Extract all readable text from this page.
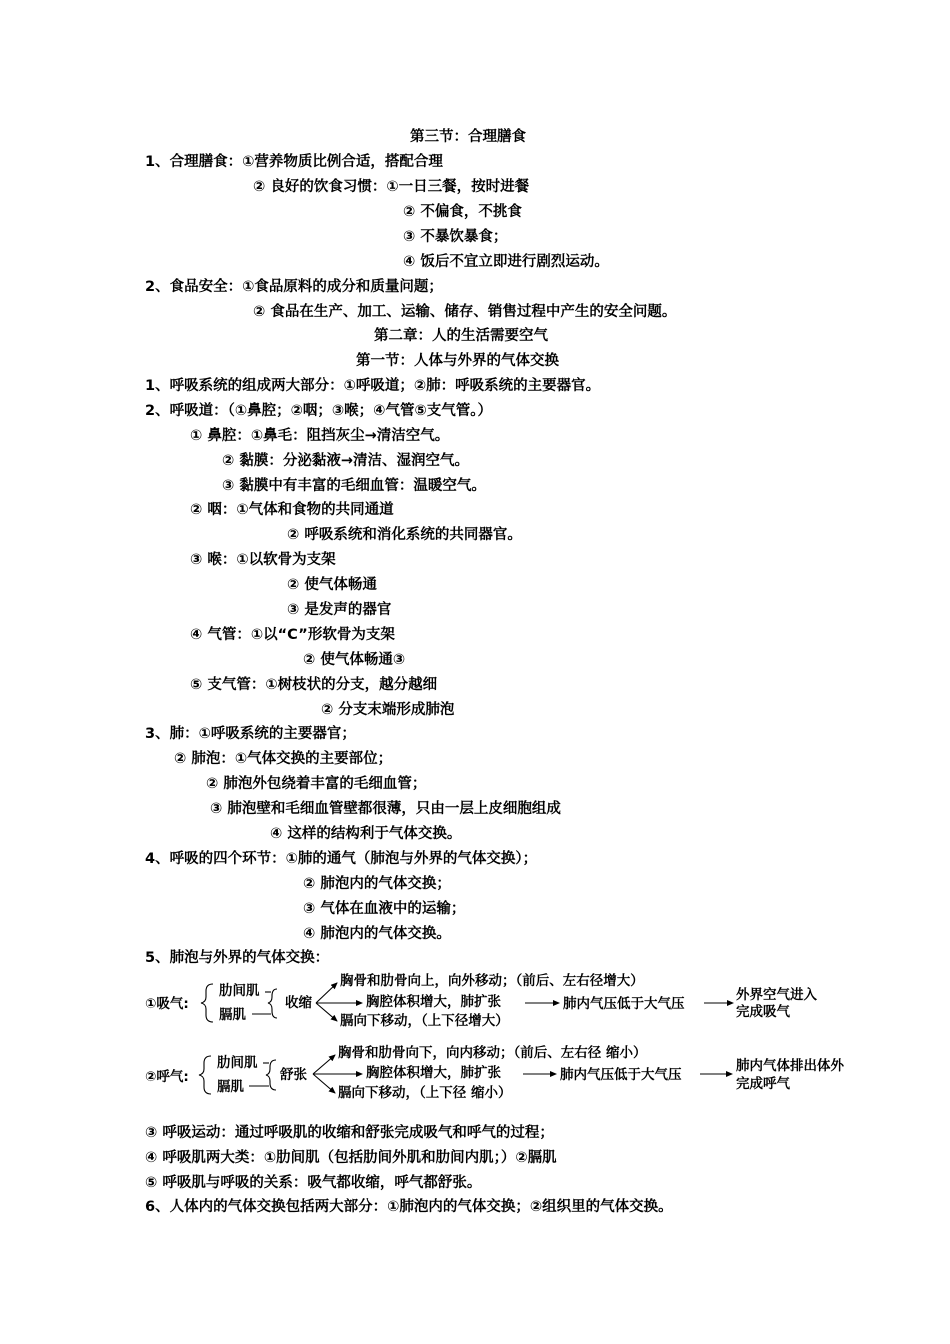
第三节：合理膳食
1、合理膳食：①营养物质比例合适，搭配合理
② 良好的饮食习惯：①一日三餐，按时进餐
② 不偏食，不挑食
③ 不暴饮暴食；
④ 饭后不宜立即进行剧烈运动。
2、食品安全：①食品原料的成分和质量问题；
② 食品在生产、加工、运输、储存、销售过程中产生的安全问题。
第二章：人的生活需要空气
第一节：人体与外界的气体交换
1、呼吸系统的组成两大部分：①呼吸道；②肺：呼吸系统的主要器官。
2、呼吸道：（①鼻腔；②咽；③喉；④气管⑤支气管。）
① 鼻腔：①鼻毛：阻挡灰尘→清洁空气。
② 黏膜：分泌黏液→清洁、湿润空气。
③ 黏膜中有丰富的毛细血管：温暖空气。
② 咽：①气体和食物的共同通道
② 呼吸系统和消化系统的共同器官。
③ 喉：①以软骨为支架
② 使气体畅通
③ 是发声的器官
④ 气管：①以“C”形软骨为支架
② 使气体畅通③
⑤ 支气管：①树枝状的分支，越分越细
② 分支末端形成肺泡
3、肺：①呼吸系统的主要器官；
② 肺泡：①气体交换的主要部位；
② 肺泡外包绕着丰富的毛细血管；
③ 肺泡壁和毛细血管壁都很薄，只由一层上皮细胞组成
④ 这样的结构利于气体交换。
4、呼吸的四个环节：①肺的通气（肺泡与外界的气体交换）；
② 肺泡内的气体交换；
③ 气体在血液中的运输；
④ 肺泡内的气体交换。
5、肺泡与外界的气体交换：
①吸气:
肋间肌
膈肌
收缩
胸骨和肋骨向上，向外移动；（前后、左右径增大）
胸腔体积增大，肺扩张
膈向下移动，（上下径增大）
肺内气压低于大气压
外界空气进入
完成吸气
②呼气:
肋间肌
膈肌
舒张
胸骨和肋骨向下，向内移动；（前后、左右径 缩小）
胸腔体积增大，肺扩张
膈向下移动，（上下径 缩小）
肺内气压低于大气压
肺内气体排出体外
完成呼气
③ 呼吸运动：通过呼吸肌的收缩和舒张完成吸气和呼气的过程；
④ 呼吸肌两大类：①肋间肌（包括肋间外肌和肋间内肌；）②膈肌
⑤ 呼吸肌与呼吸的关系：吸气都收缩，呼气都舒张。
6、人体内的气体交换包括两大部分：①肺泡内的气体交换；②组织里的气体交换。
